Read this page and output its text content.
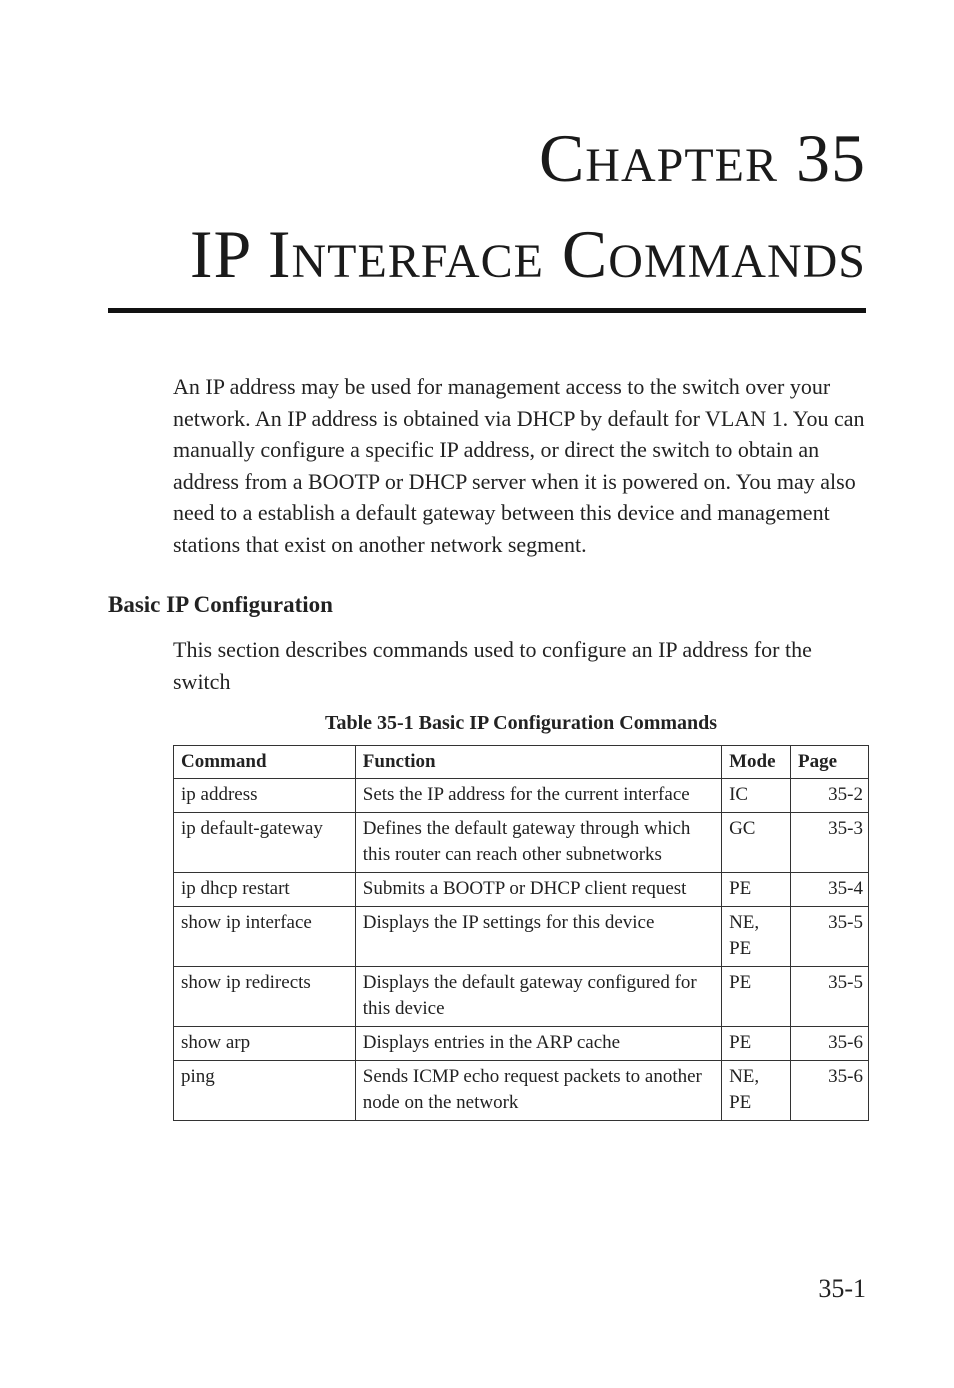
Chapter 35
IP Interface Commands
An IP address may be used for management access to the switch over your network. An IP address is obtained via DHCP by default for VLAN 1. You can manually configure a specific IP address, or direct the switch to obtain an address from a BOOTP or DHCP server when it is powered on. You may also need to a establish a default gateway between this device and management stations that exist on another network segment.
Basic IP Configuration
This section describes commands used to configure an IP address for the switch
Table 35-1 Basic IP Configuration Commands
Command	Function	Mode	Page
ip address	Sets the IP address for the current interface	IC	35-2
ip default-gateway	Defines the default gateway through which this router can reach other subnetworks	GC	35-3
ip dhcp restart	Submits a BOOTP or DHCP client request	PE	35-4
show ip interface	Displays the IP settings for this device	NE, PE	35-5
show ip redirects	Displays the default gateway configured for this device	PE	35-5
show arp	Displays entries in the ARP cache	PE	35-6
ping	Sends ICMP echo request packets to another node on the network	NE, PE	35-6
35-1
